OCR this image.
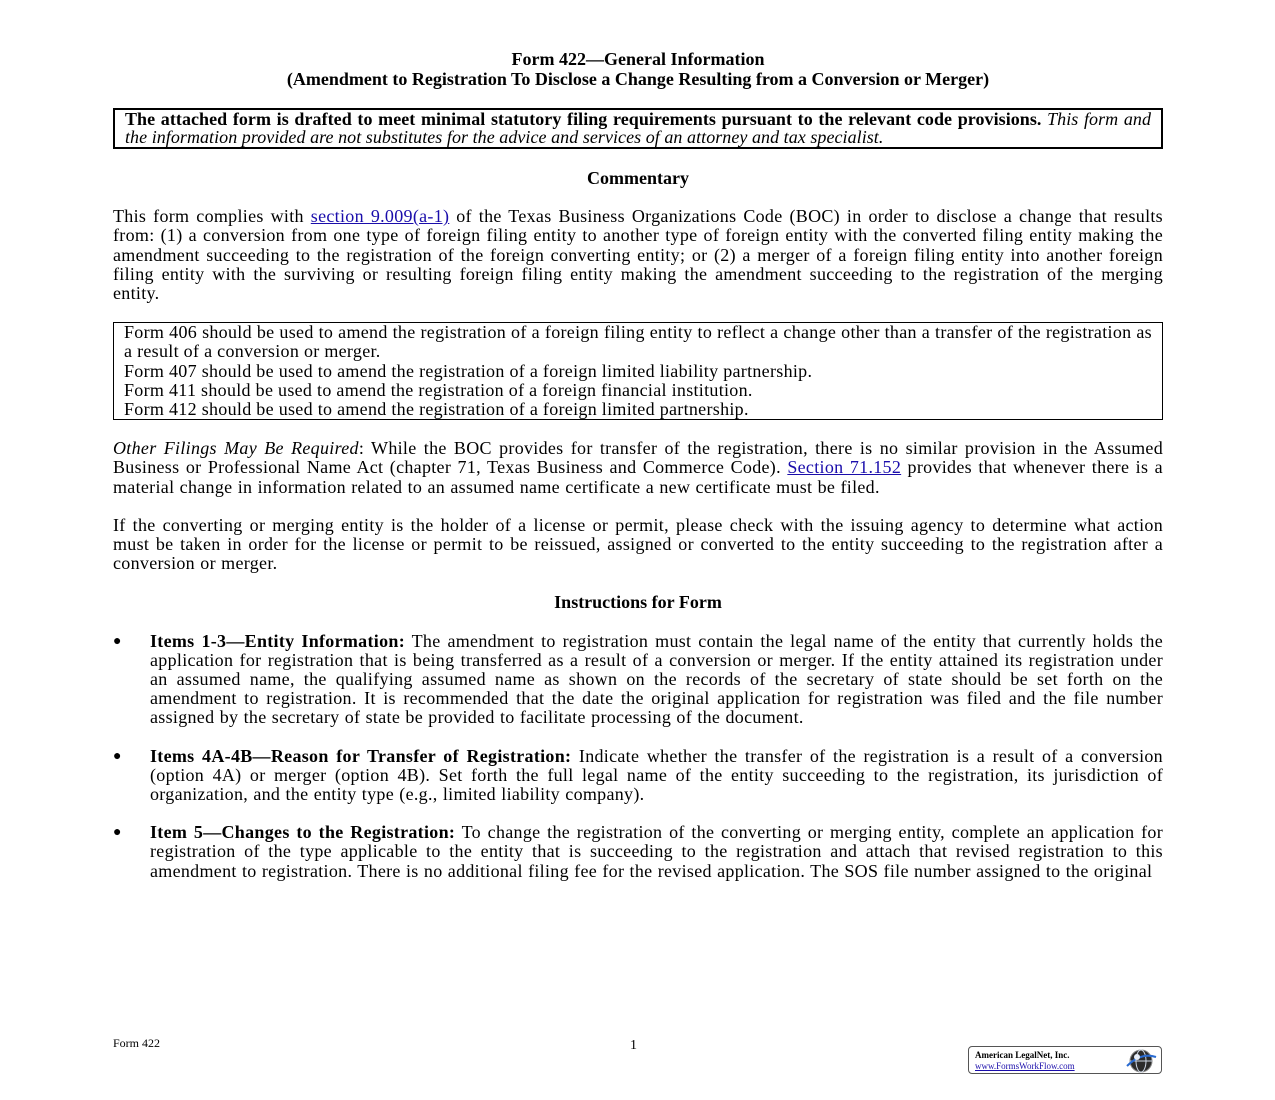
Form 422—General Information
(Amendment to Registration To Disclose a Change Resulting from a Conversion or Merger)
The attached form is drafted to meet minimal statutory filing requirements pursuant to the relevant code provisions. This form and the information provided are not substitutes for the advice and services of an attorney and tax specialist.
Commentary

This form complies with section 9.009(a-1) of the Texas Business Organizations Code (BOC) in order to disclose a change that results from: (1) a conversion from one type of foreign filing entity to another type of foreign entity with the converted filing entity making the amendment succeeding to the registration of the foreign converting entity; or (2) a merger of a foreign filing entity into another foreign filing entity with the surviving or resulting foreign filing entity making the amendment succeeding to the registration of the merging entity.

Form 406 should be used to amend the registration of a foreign filing entity to reflect a change other than a transfer of the registration as a result of a conversion or merger.
Form 407 should be used to amend the registration of a foreign limited liability partnership.
Form 411 should be used to amend the registration of a foreign financial institution.
Form 412 should be used to amend the registration of a foreign limited partnership.

Other Filings May Be Required: While the BOC provides for transfer of the registration, there is no similar provision in the Assumed Business or Professional Name Act (chapter 71, Texas Business and Commerce Code). Section 71.152 provides that whenever there is a material change in information related to an assumed name certificate a new certificate must be filed.

If the converting or merging entity is the holder of a license or permit, please check with the issuing agency to determine what action must be taken in order for the license or permit to be reissued, assigned or converted to the entity succeeding to the registration after a conversion or merger.

Instructions for Form
● Items 1-3—Entity Information: The amendment to registration must contain the legal name of the entity that currently holds the application for registration that is being transferred as a result of a conversion or merger. If the entity attained its registration under an assumed name, the qualifying assumed name as shown on the records of the secretary of state should be set forth on the amendment to registration. It is recommended that the date the original application for registration was filed and the file number assigned by the secretary of state be provided to facilitate processing of the document.
● Items 4A-4B—Reason for Transfer of Registration: Indicate whether the transfer of the registration is a result of a conversion (option 4A) or merger (option 4B). Set forth the full legal name of the entity succeeding to the registration, its jurisdiction of organization, and the entity type (e.g., limited liability company).
● Item 5—Changes to the Registration: To change the registration of the converting or merging entity, complete an application for registration of the type applicable to the entity that is succeeding to the registration and attach that revised registration to this amendment to registration. There is no additional filing fee for the revised application. The SOS file number assigned to the original
Form 422	1
American LegalNet, Inc.
www.FormsWorkFlow.com
